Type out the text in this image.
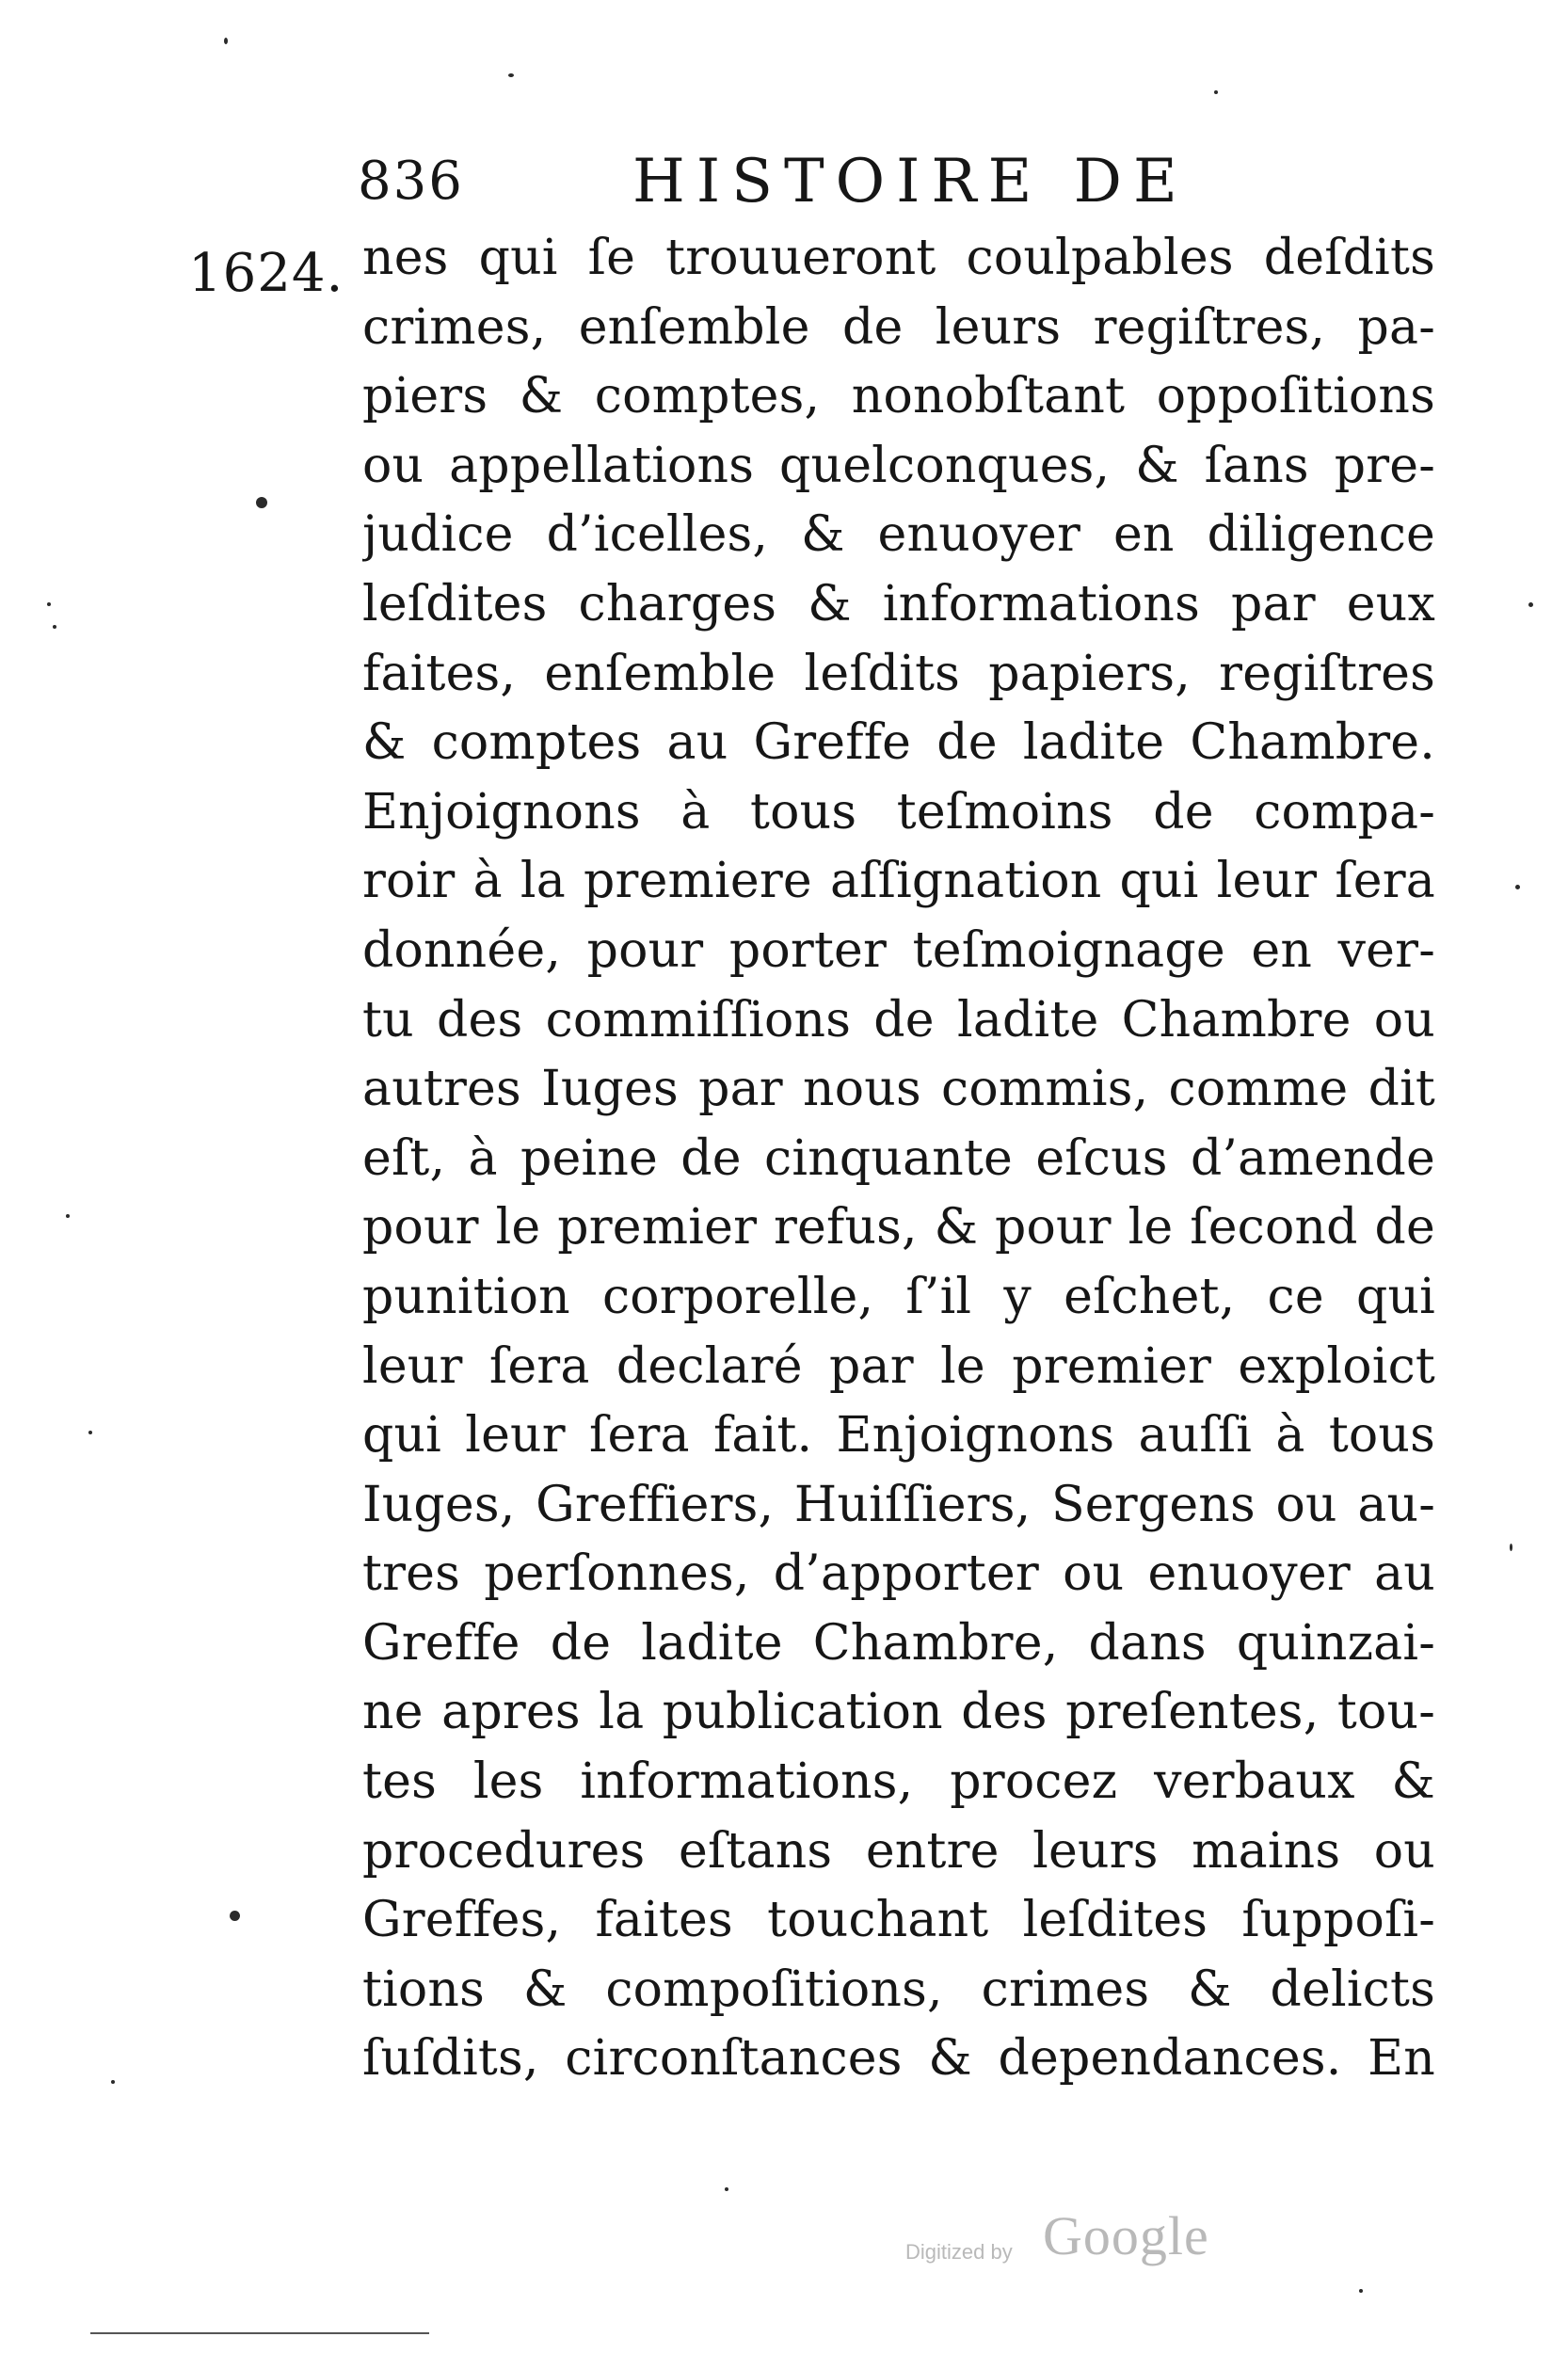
836	HISTOIRE DE
1624. nes qui ſe trouueront coulpables deſdits
crimes, enſemble de leurs regiſtres, pa-
piers & comptes, nonobſtant oppoſitions
ou appellations quelconques, & ſans pre-
judice d’icelles, & enuoyer en diligence
leſdites charges & informations par eux
faites, enſemble leſdits papiers, regiſtres
& comptes au Greffe de ladite Chambre.
Enjoignons à tous teſmoins de compa-
roir à la premiere aſſignation qui leur ſera
donnée, pour porter teſmoignage en ver-
tu des commiſſions de ladite Chambre ou
autres Iuges par nous commis, comme dit
eſt, à peine de cinquante eſcus d’amende
pour le premier refus, & pour le ſecond de
punition corporelle, ſ’il y eſchet, ce qui
leur ſera declaré par le premier exploict
qui leur ſera fait. Enjoignons auſſi à tous
Iuges, Greffiers, Huiſſiers, Sergens ou au-
tres perſonnes, d’apporter ou enuoyer au
Greffe de ladite Chambre, dans quinzai-
ne apres la publication des preſentes, tou-
tes les informations, procez verbaux &
procedures eſtans entre leurs mains ou
Greffes, faites touchant leſdites ſuppoſi-
tions & compoſitions, crimes & delicts
ſuſdits, circonſtances & dependances. En
Digitized by Google
